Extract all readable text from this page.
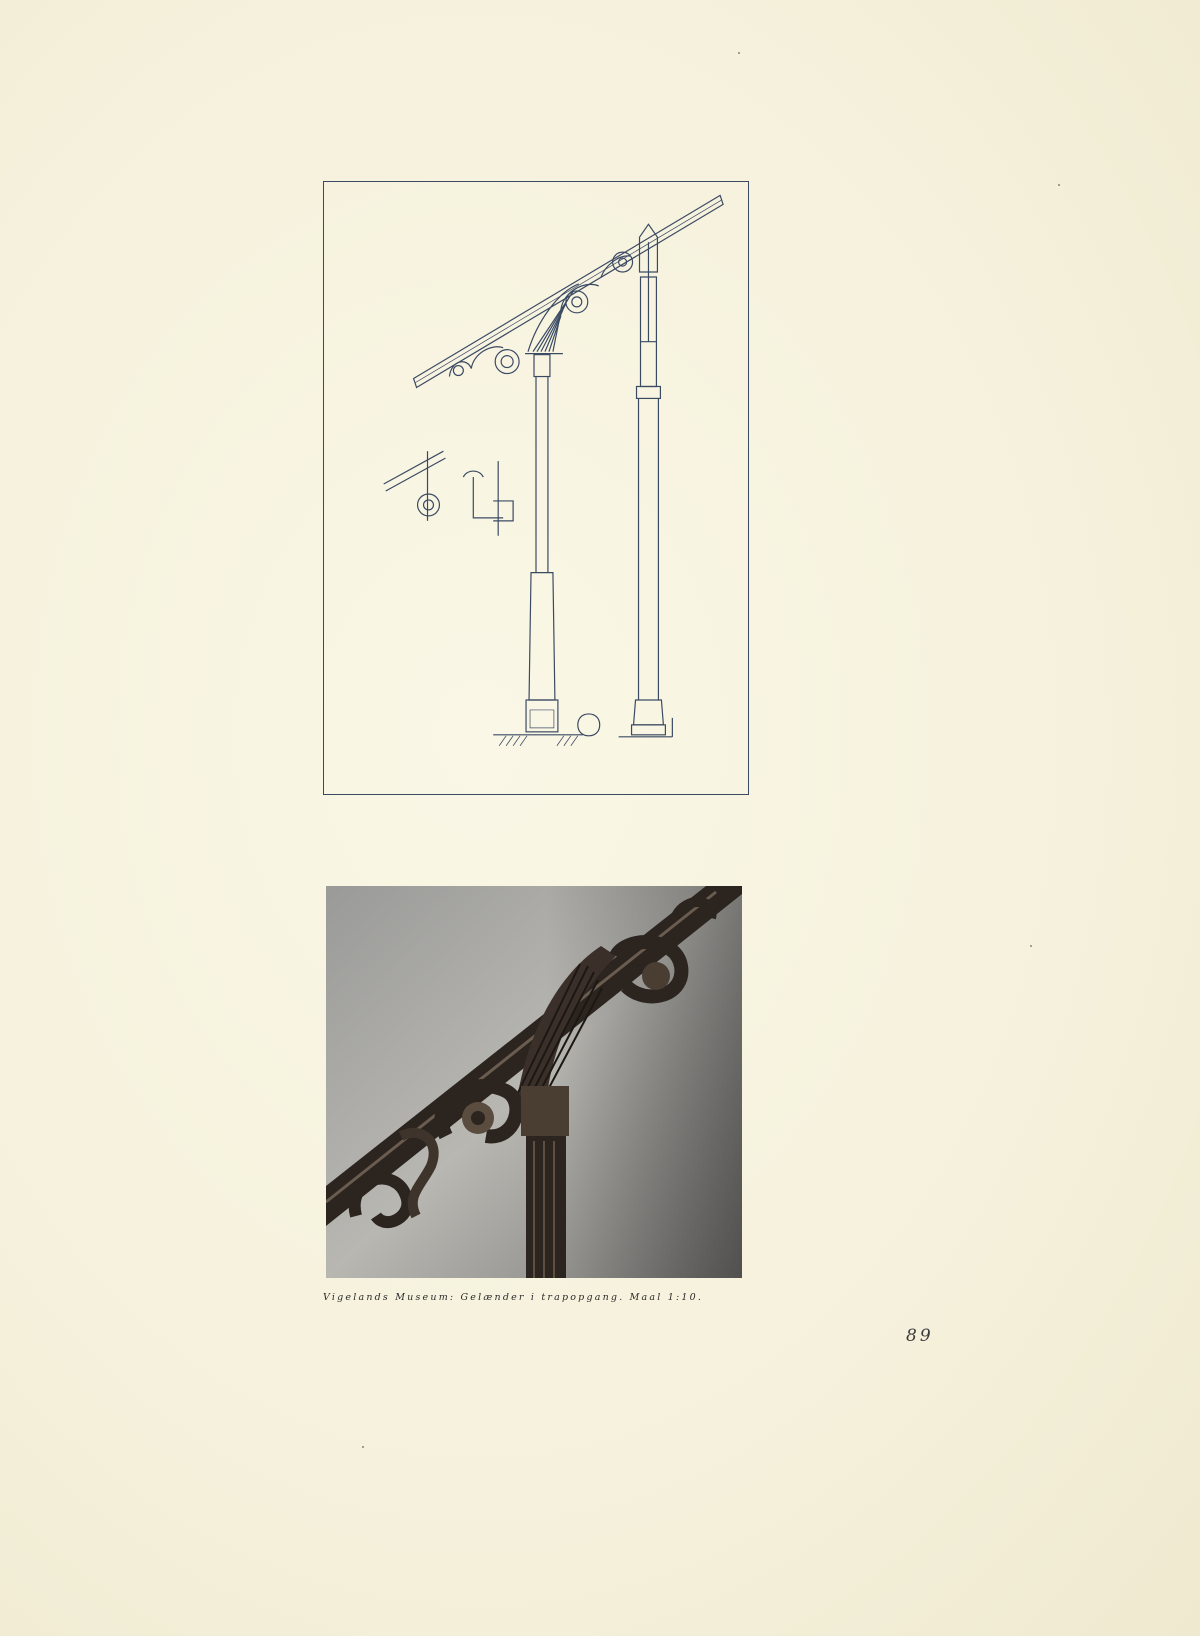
Vigelands Museum: Gelænder i trapopgang. Maal 1:10.
89
